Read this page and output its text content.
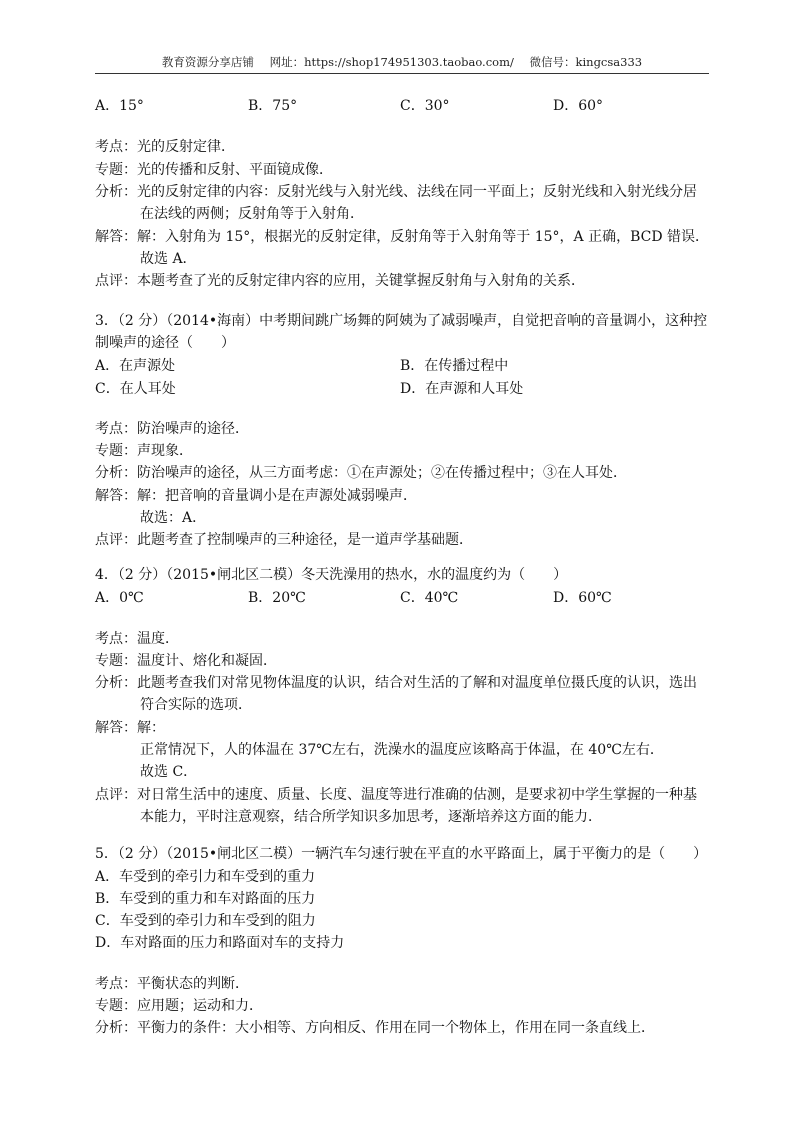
教育资源分享店铺 网址：https://shop174951303.taobao.com/ 微信号：kingcsa333
A．15°	B．75°	C．30°	D．60°
考点：光的反射定律．
专题：光的传播和反射、平面镜成像．
分析：光的反射定律的内容：反射光线与入射光线、法线在同一平面上；反射光线和入射光线分居
在法线的两侧；反射角等于入射角．
解答：解：入射角为 15°，根据光的反射定律，反射角等于入射角等于 15°，A 正确，BCD 错误．
故选 A．
点评：本题考查了光的反射定律内容的应用，关键掌握反射角与入射角的关系．
3．（2 分）（2014•海南）中考期间跳广场舞的阿姨为了减弱噪声，自觉把音响的音量调小，这种控
制噪声的途径（　　）
A．在声源处	B．在传播过程中
C．在人耳处	D．在声源和人耳处
考点：防治噪声的途径．
专题：声现象．
分析：防治噪声的途径，从三方面考虑：①在声源处；②在传播过程中；③在人耳处．
解答：解：把音响的音量调小是在声源处减弱噪声．
故选：A．
点评：此题考查了控制噪声的三种途径，是一道声学基础题．
4．（2 分）（2015•闸北区二模）冬天洗澡用的热水，水的温度约为（　　）
A．0℃	B．20℃	C．40℃	D．60℃
考点：温度．
专题：温度计、熔化和凝固．
分析：此题考查我们对常见物体温度的认识，结合对生活的了解和对温度单位摄氏度的认识，选出
符合实际的选项．
解答：解：
正常情况下，人的体温在 37℃左右，洗澡水的温度应该略高于体温，在 40℃左右．
故选 C．
点评：对日常生活中的速度、质量、长度、温度等进行准确的估测，是要求初中学生掌握的一种基
本能力，平时注意观察，结合所学知识多加思考，逐渐培养这方面的能力．
5．（2 分）（2015•闸北区二模）一辆汽车匀速行驶在平直的水平路面上，属于平衡力的是（　　）
A．车受到的牵引力和车受到的重力
B．车受到的重力和车对路面的压力
C．车受到的牵引力和车受到的阻力
D．车对路面的压力和路面对车的支持力
考点：平衡状态的判断．
专题：应用题；运动和力．
分析：平衡力的条件：大小相等、方向相反、作用在同一个物体上，作用在同一条直线上．
